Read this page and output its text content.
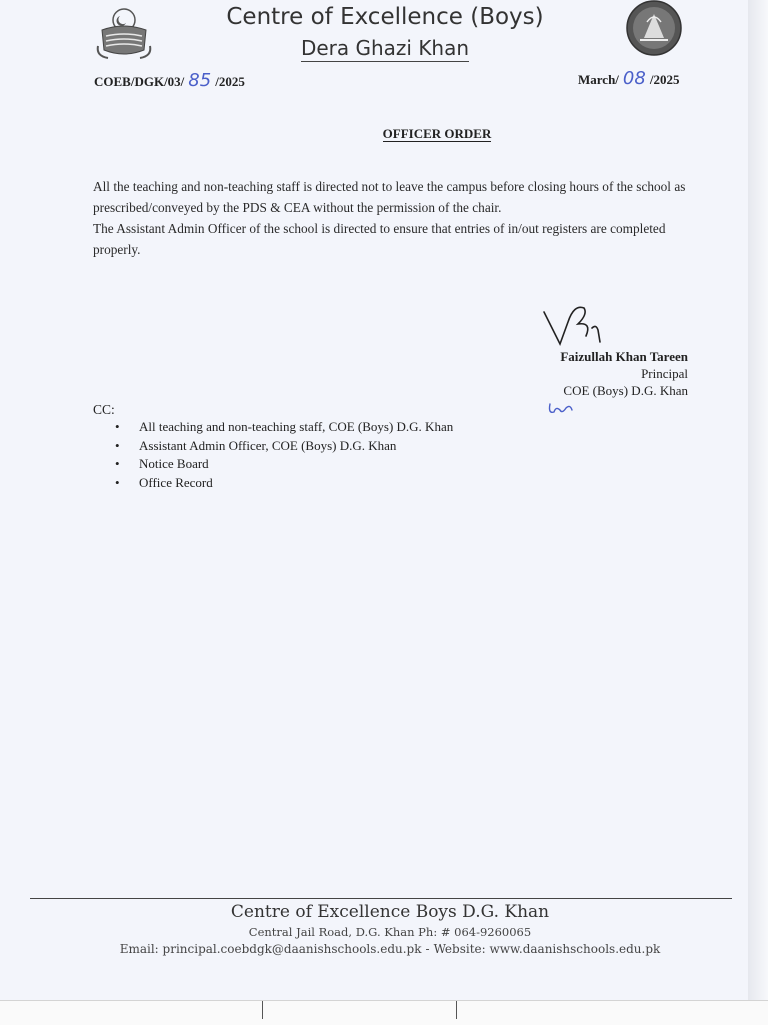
Centre of Excellence (Boys)
Dera Ghazi Khan
COEB/DGK/03/ 85 /2025	March/ 08 /2025
OFFICER ORDER

All the teaching and non-teaching staff is directed not to leave the campus before closing hours of the school as prescribed/conveyed by the PDS & CEA without the permission of the chair.

The Assistant Admin Officer of the school is directed to ensure that entries of in/out registers are completed properly.

Faizullah Khan Tareen
Principal
COE (Boys) D.G. Khan
CC:
• All teaching and non-teaching staff, COE (Boys) D.G. Khan
• Assistant Admin Officer, COE (Boys) D.G. Khan
• Notice Board
• Office Record
Centre of Excellence Boys D.G. Khan
Central Jail Road, D.G. Khan Ph: # 064-9260065
Email: principal.coebdgk@daanishschools.edu.pk - Website: www.daanishschools.edu.pk
